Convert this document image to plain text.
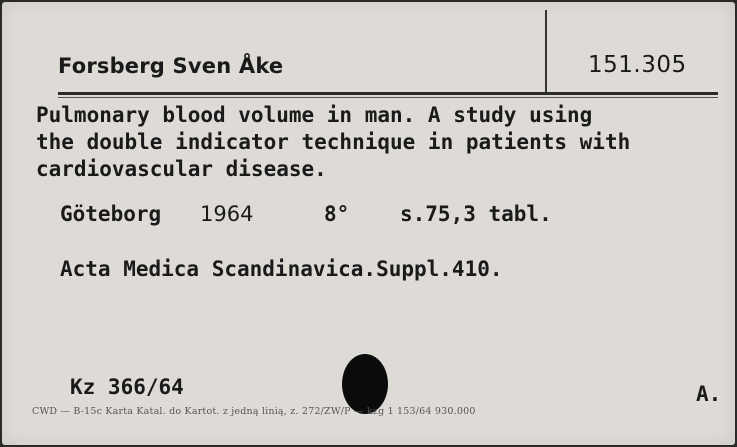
Forsberg Sven Åke	151.305
Pulmonary blood volume in man. A study using
the double indicator technique in patients with
cardiovascular disease.
Göteborg 1964	8° s.75,3 tabl.
Acta Medica Scandinavica.Suppl.410.
Kz 366/64	A.
CWD — B-15c Karta Katal. do Kartot. z jedną linią, z. 272/ZW/P — kzg 1 153/64 930.000
